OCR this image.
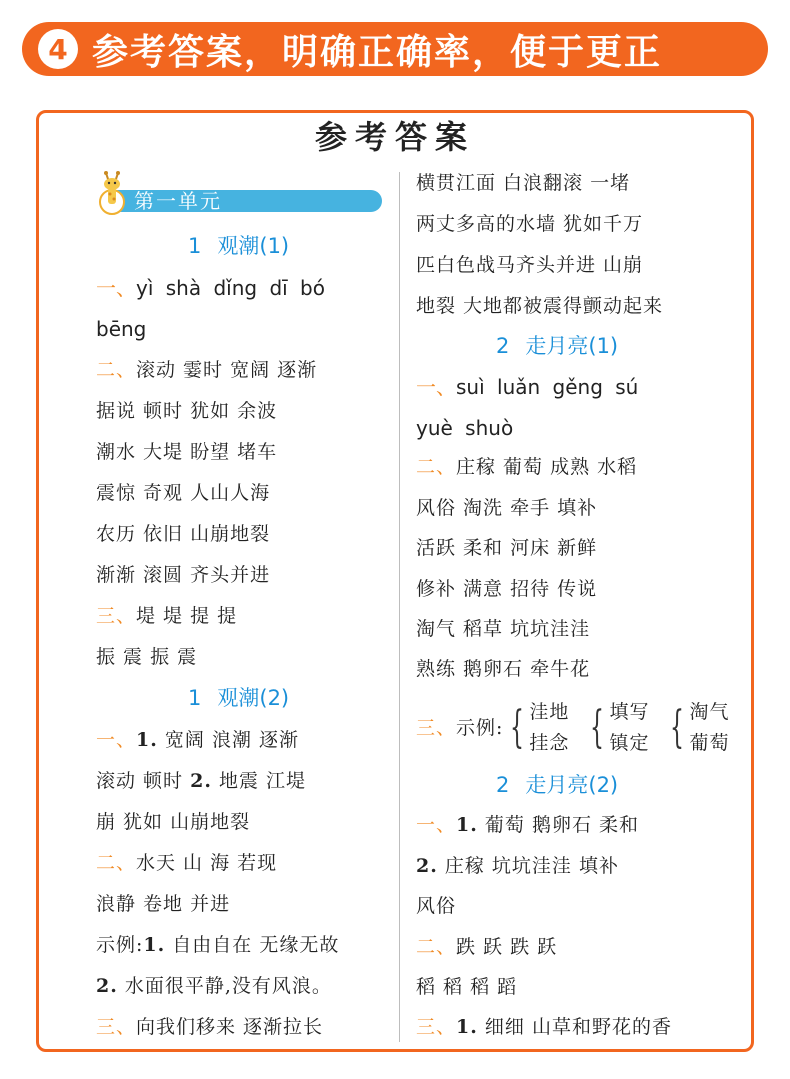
4 参考答案，明确正确率，便于更正
参考答案
第一单元
1 观潮(1)
一、yì shà dǐng dī bó
bēng
二、滚动 霎时 宽阔 逐渐
据说 顿时 犹如 余波
潮水 大堤 盼望 堵车
震惊 奇观 人山人海
农历 依旧 山崩地裂
渐渐 滚圆 齐头并进
三、堤 堤 提 提
振 震 振 震
1 观潮(2)
一、1. 宽阔 浪潮 逐渐
滚动 顿时 2. 地震 江堤
崩 犹如 山崩地裂
二、水天 山 海 若现
浪静 卷地 并进
示例:1. 自由自在 无缘无故
2. 水面很平静,没有风浪。
三、向我们移来 逐渐拉长
横贯江面 白浪翻滚 一堵
两丈多高的水墙 犹如千万
匹白色战马齐头并进 山崩
地裂 大地都被震得颤动起来
2 走月亮(1)
一、suì luǎn gěng sú
yuè shuò
二、庄稼 葡萄 成熟 水稻
风俗 淘洗 牵手 填补
活跃 柔和 河床 新鲜
修补 满意 招待 传说
淘气 稻草 坑坑洼洼
熟练 鹅卵石 牵牛花
三、示例: { 洼地
挂念 { 填写
镇定 { 淘气
葡萄
2 走月亮(2)
一、1. 葡萄 鹅卵石 柔和
2. 庄稼 坑坑洼洼 填补
风俗
二、跌 跃 跌 跃
稻 稻 稻 蹈
三、1. 细细 山草和野花的香
